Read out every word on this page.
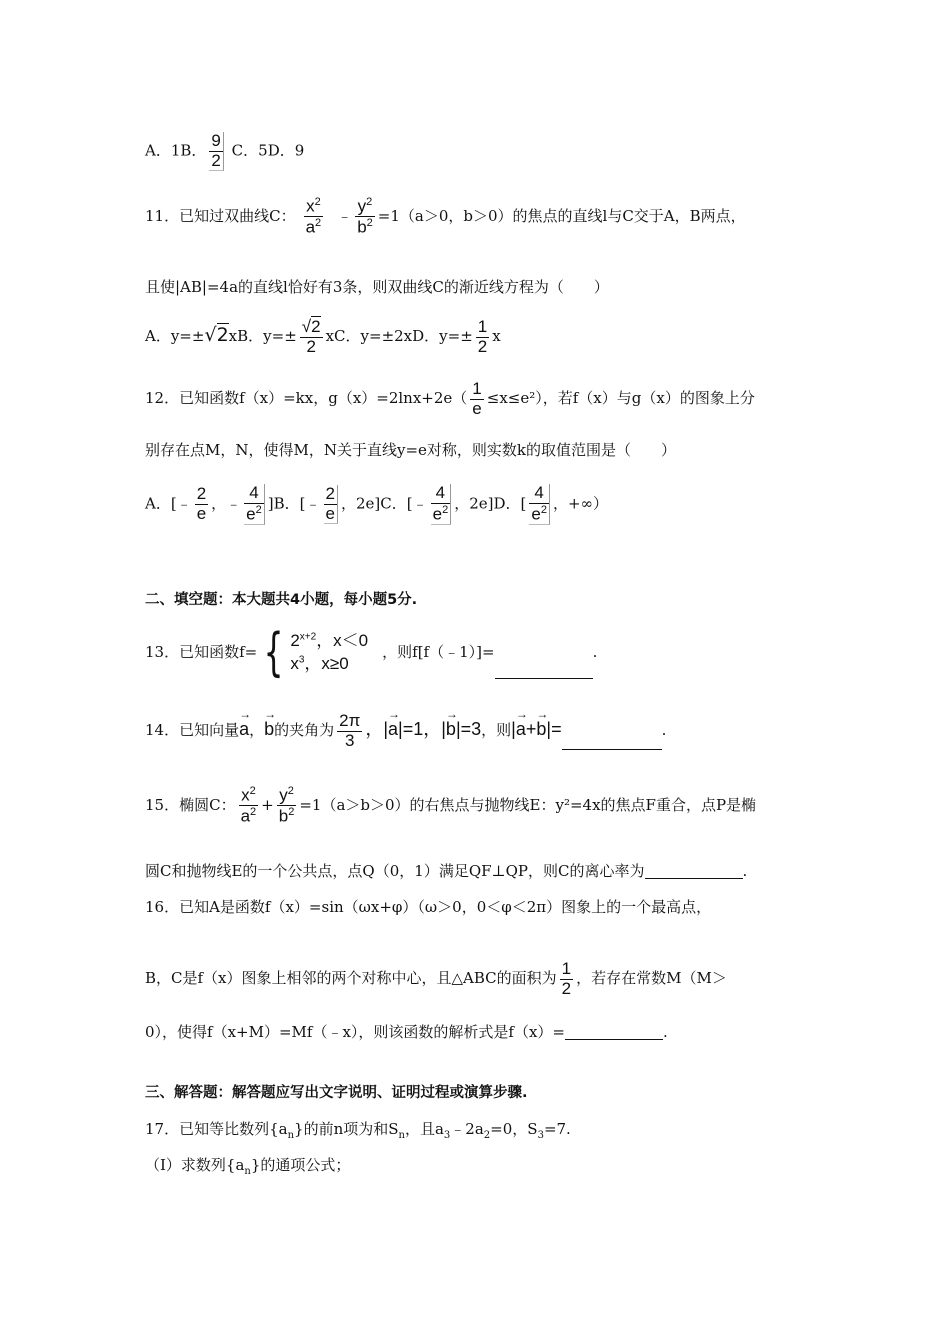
A．1B． $\frac{9}{2}$ C．5D．9
11．已知过双曲线C： $\frac{x^2}{a^2}$ ﹣ $\frac{y^2}{b^2} =1(a>0$，b＞0）的焦点的直线l与C交于A，B两点，
且使|AB|=4a的直线l恰好有3条，则双曲线C的渐近线方程为（　　）
A．y=±√2xB．$y=\pm \frac{√2}{2}$ xC．y=±2xD．$y=\pm \frac{1}{2}$ x
12．已知函数f（x）=kx，$g(x)=2\ln x+2e( \frac{1}{e} \le x\le e^2)$，若f（x）与g（x）的图象上分
别存在点M，N，使得M，N关于直线y=e对称，则实数k的取值范围是（　　）
A．[﹣ $\frac{2}{e}$ ，﹣ $\frac{4}{e^2} ]B$．[﹣ $\frac{2}{e}$ ，2e]C．[﹣ $\frac{4}{e^2}$ ，2e]D．[ $\frac{4}{e^2}$ ，+∞）
二、填空题：本大题共4小题，每小题5分.
13．已知函数f= { $2^{x+2}$，x＜0
$x^3$，x≥0
，则f[f（﹣1）]=	.
14．已知向量→ a，→ b的夹角为 $\frac{2\pi}{3}$ ，|→ a|=1，|→ b|=3，则|→ a+→ b|=	.
15．椭圆C： $\frac{x^2}{a^2} + \frac{y^2}{b^2} =1(a>b>0)$的右焦点与抛物线E：y²=4x的焦点F重合，点P是椭
圆C和抛物线E的一个公共点，点Q（0，1）满足QF⊥QP，则C的离心率为	.
16．已知A是函数f（x）=sin（ωx+φ）（ω＞0，0＜φ＜2π）图象上的一个最高点，
B，C是f（x）图象上相邻的两个对称中心，且△ABC的面积为 $\frac{1}{2}$ ，若存在常数M（M＞
0），使得f（x+M）=Mf（﹣x），则该函数的解析式是f（x）=	.
三、解答题：解答题应写出文字说明、证明过程或演算步骤.
17．已知等比数列$\{a_n\}$的前n项为和$S_n$，且$a_3﹣2a_2=0$，$S_3=7$.
（Ⅰ）求数列$\{a_n\}$的通项公式；
